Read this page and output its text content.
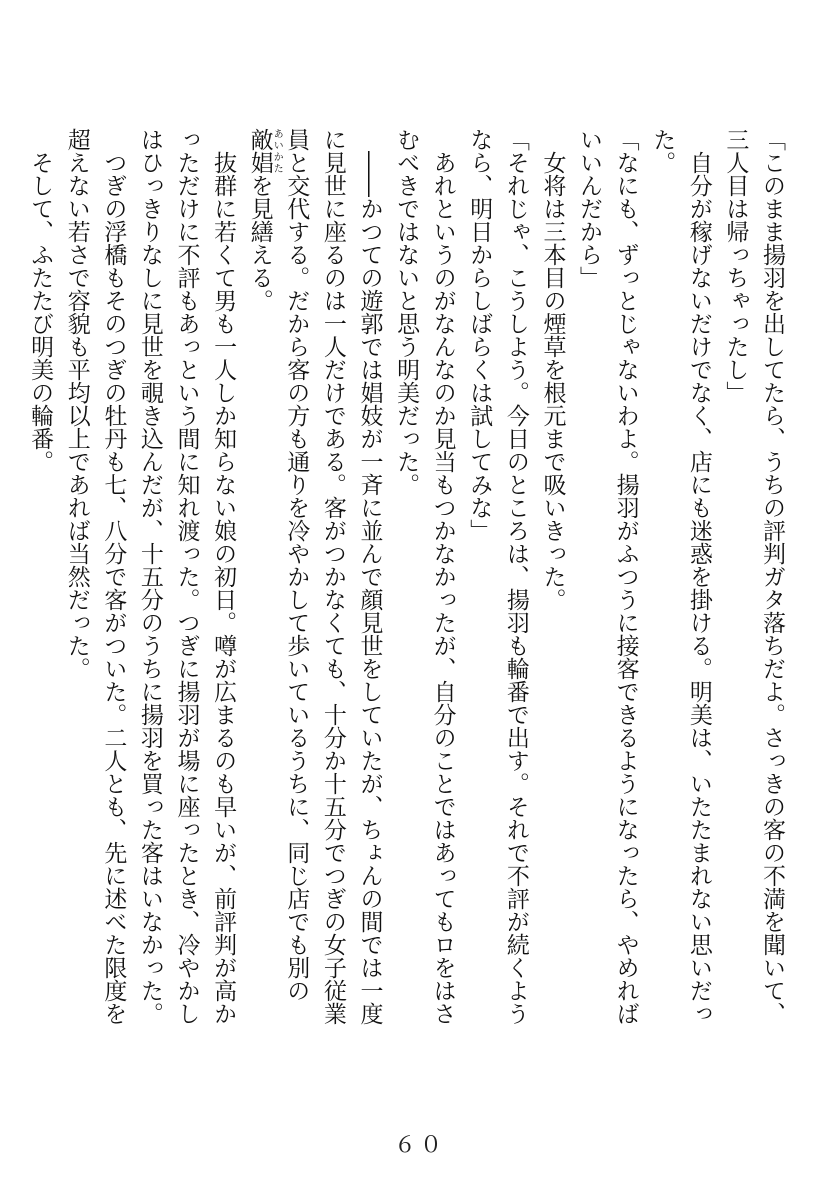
「このまま揚羽を出してたら、うちの評判ガタ落ちだよ。さっきの客の不満を聞いて、三人目は帰っちゃったし」

　自分が稼げないだけでなく、店にも迷惑を掛ける。明美は、いたたまれない思いだった。

「なにも、ずっとじゃないわよ。揚羽がふつうに接客できるようになったら、やめればいいんだから」

　女将は三本目の煙草を根元まで吸いきった。

「それじゃ、こうしよう。今日のところは、揚羽も輪番で出す。それで不評が続くようなら、明日からしばらくは試してみな」

　あれというのがなんなのか見当もつかなかったが、自分のことではあってもロをはさむべきではないと思う明美だった。

　――かつての遊郭では娼妓が一斉に並んで顔見世をしていたが、ちょんの間では一度に見世に座るのは一人だけである。客がつかなくても、十分か十五分でつぎの女子従業員と交代する。だから客の方も通りを冷やかして歩いているうちに、同じ店でも別の敵娼あいかたを見繕える。

　抜群に若くて男も一人しか知らない娘の初日。噂が広まるのも早いが、前評判が高かっただけに不評もあっという間に知れ渡った。つぎに揚羽が場に座ったとき、冷やかしはひっきりなしに見世を覗き込んだが、十五分のうちに揚羽を買った客はいなかった。

　つぎの浮橋もそのつぎの牡丹も七、八分で客がついた。二人とも、先に述べた限度を超えない若さで容貌も平均以上であれば当然だった。

　そして、ふたたび明美の輪番。

６０
